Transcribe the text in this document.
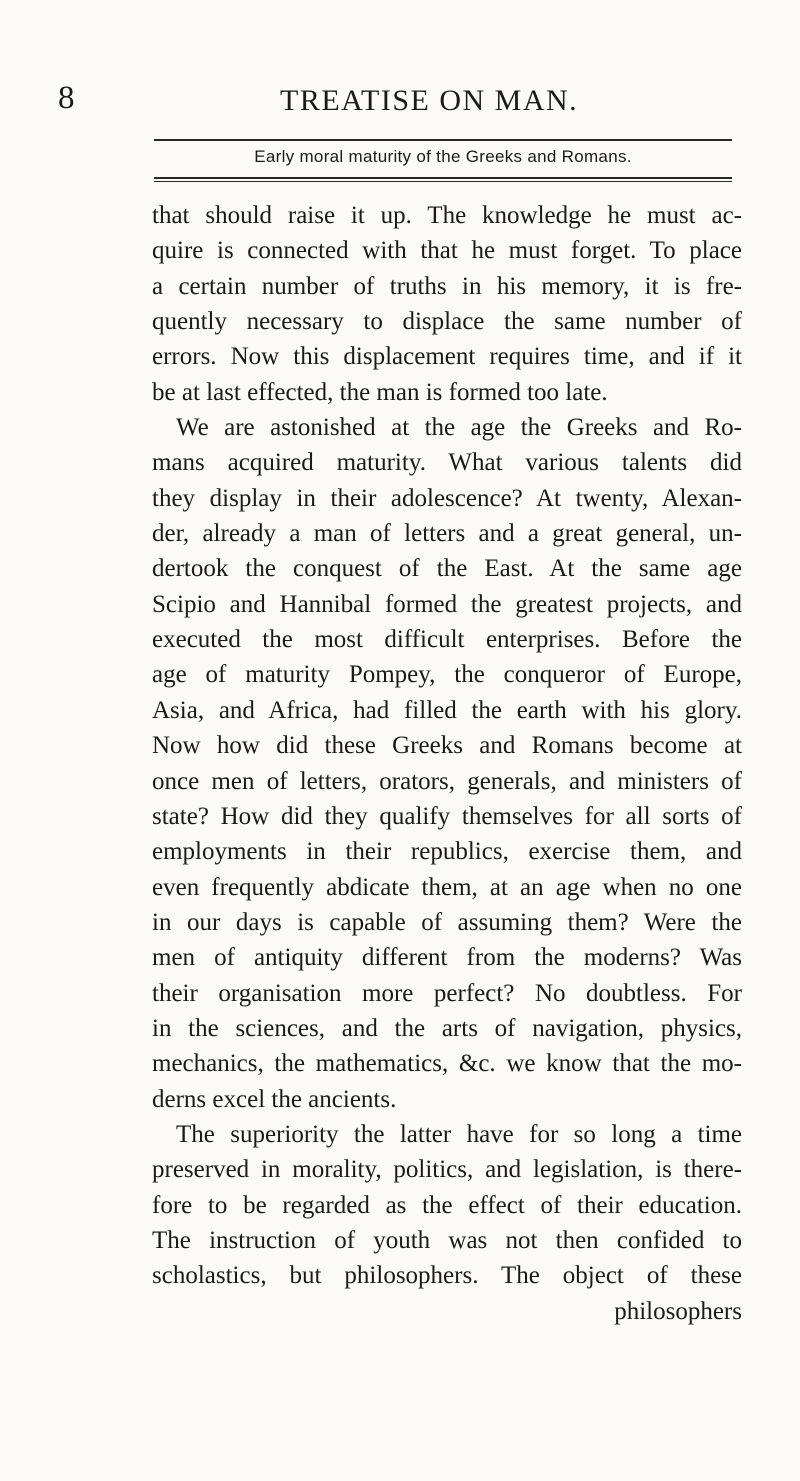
8	TREATISE ON MAN.
Early moral maturity of the Greeks and Romans.
that should raise it up. The knowledge he must ac-
quire is connected with that he must forget. To place
a certain number of truths in his memory, it is fre-
quently necessary to displace the same number of
errors. Now this displacement requires time, and if it
be at last effected, the man is formed too late.
We are astonished at the age the Greeks and Ro-
mans acquired maturity. What various talents did
they display in their adolescence? At twenty, Alexan-
der, already a man of letters and a great general, un-
dertook the conquest of the East. At the same age
Scipio and Hannibal formed the greatest projects, and
executed the most difficult enterprises. Before the
age of maturity Pompey, the conqueror of Europe,
Asia, and Africa, had filled the earth with his glory.
Now how did these Greeks and Romans become at
once men of letters, orators, generals, and ministers of
state? How did they qualify themselves for all sorts of
employments in their republics, exercise them, and
even frequently abdicate them, at an age when no one
in our days is capable of assuming them? Were the
men of antiquity different from the moderns? Was
their organisation more perfect? No doubtless. For
in the sciences, and the arts of navigation, physics,
mechanics, the mathematics, &c. we know that the mo-
derns excel the ancients.
The superiority the latter have for so long a time
preserved in morality, politics, and legislation, is there-
fore to be regarded as the effect of their education.
The instruction of youth was not then confided to
scholastics, but philosophers. The object of these
philosophers
